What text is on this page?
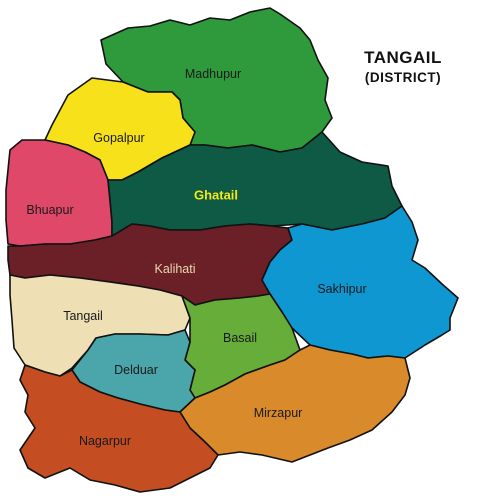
TANGAIL
(DISTRICT)
Madhupur
Gopalpur
Bhuapur
Ghatail
Kalihati
Sakhipur
Tangail
Basail
Delduar
Mirzapur
Nagarpur
